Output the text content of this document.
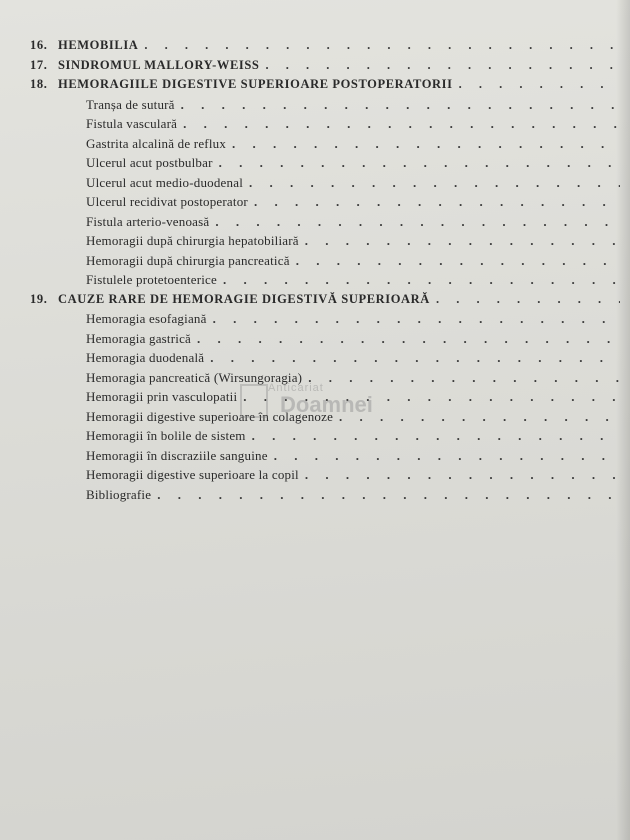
16. HEMOBILIA
. . .
17. SINDROMUL MALLORY-WEISS
. . .
18. HEMORAGIILE DIGESTIVE SUPERIOARE POSTOPERATORII
. . .
Tranșa de sutură
. . .
Fistula vasculară
. . .
Gastrita alcalină de reflux
. . .
Ulcerul acut postbulbar
. . .
Ulcerul acut medio-duodenal
. . .
Ulcerul recidivat postoperator
. . .
Fistula arterio-venoasă
. . .
Hemoragii după chirurgia hepatobiliară
. . .
Hemoragii după chirurgia pancreatică
. . .
Fistulele protetoenterice
. . .
19. CAUZE RARE DE HEMORAGIE DIGESTIVĂ SUPERIOARĂ
. . .
Hemoragia esofagiană
. . .
Hemoragia gastrică
. . .
Hemoragia duodenală
. . .
Hemoragia pancreatică (Wirsungoragia)
. . .
Hemoragii prin vasculopatii
. . .
Hemoragii digestive superioare în colagenoze
. . .
Hemoragii în bolile de sistem
. . .
Hemoragii în discraziile sanguine
. . .
Hemoragii digestive superioare la copil
. . .
Bibliografie
. . .
Anticariat
Doamnei
